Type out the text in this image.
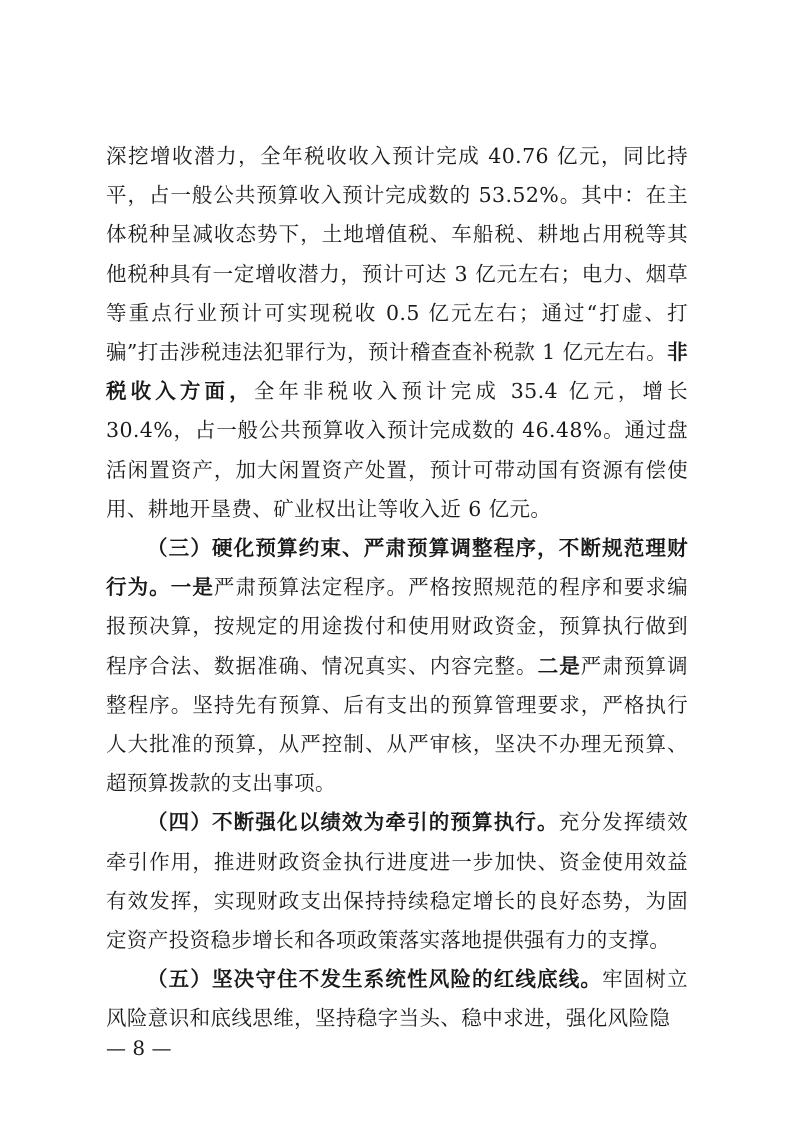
深挖增收潜力，全年税收收入预计完成 40.76 亿元，同比持平，占一般公共预算收入预计完成数的 53.52%。其中：在主体税种呈减收态势下，土地增值税、车船税、耕地占用税等其他税种具有一定增收潜力，预计可达 3 亿元左右；电力、烟草等重点行业预计可实现税收 0.5 亿元左右；通过“打虚、打骗”打击涉税违法犯罪行为，预计稽查查补税款 1 亿元左右。非税收入方面，全年非税收入预计完成 35.4 亿元，增长 30.4%，占一般公共预算收入预计完成数的 46.48%。通过盘活闲置资产，加大闲置资产处置，预计可带动国有资源有偿使用、耕地开垦费、矿业权出让等收入近 6 亿元。

（三）硬化预算约束、严肃预算调整程序，不断规范理财行为。一是严肃预算法定程序。严格按照规范的程序和要求编报预决算，按规定的用途拨付和使用财政资金，预算执行做到程序合法、数据准确、情况真实、内容完整。二是严肃预算调整程序。坚持先有预算、后有支出的预算管理要求，严格执行人大批准的预算，从严控制、从严审核，坚决不办理无预算、超预算拨款的支出事项。

（四）不断强化以绩效为牵引的预算执行。充分发挥绩效牵引作用，推进财政资金执行进度进一步加快、资金使用效益有效发挥，实现财政支出保持持续稳定增长的良好态势，为固定资产投资稳步增长和各项政策落实落地提供强有力的支撑。

（五）坚决守住不发生系统性风险的红线底线。牢固树立风险意识和底线思维，坚持稳字当头、稳中求进，强化风险隐

— 8 —
